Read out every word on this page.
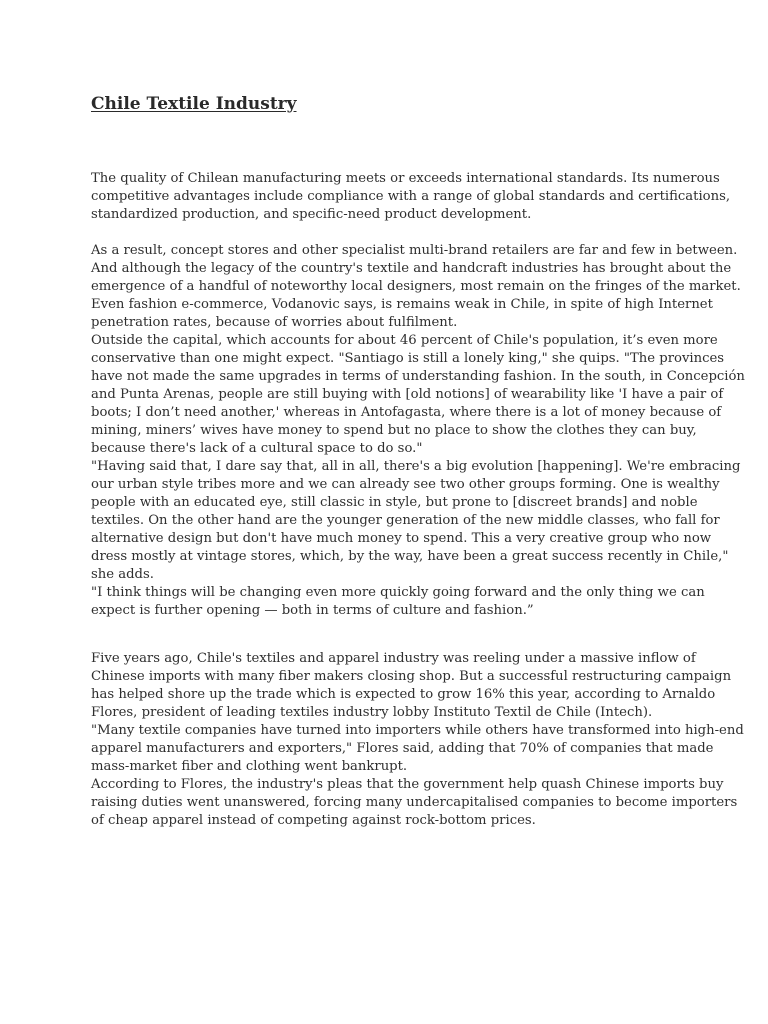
Chile Textile Industry

The quality of Chilean manufacturing meets or exceeds international standards. Its numerous
competitive advantages include compliance with a range of global standards and certifications,
standardized production, and specific-need product development.

As a result, concept stores and other specialist multi-brand retailers are far and few in between.
And although the legacy of the country's textile and handcraft industries has brought about the
emergence of a handful of noteworthy local designers, most remain on the fringes of the market.
Even fashion e-commerce, Vodanovic says, is remains weak in Chile, in spite of high Internet
penetration rates, because of worries about fulfilment.
Outside the capital, which accounts for about 46 percent of Chile's population, it’s even more
conservative than one might expect. "Santiago is still a lonely king," she quips. "The provinces
have not made the same upgrades in terms of understanding fashion. In the south, in Concepción
and Punta Arenas, people are still buying with [old notions] of wearability like 'I have a pair of
boots; I don’t need another,' whereas in Antofagasta, where there is a lot of money because of
mining, miners’ wives have money to spend but no place to show the clothes they can buy,
because there's lack of a cultural space to do so."
"Having said that, I dare say that, all in all, there's a big evolution [happening]. We're embracing
our urban style tribes more and we can already see two other groups forming. One is wealthy
people with an educated eye, still classic in style, but prone to [discreet brands] and noble
textiles. On the other hand are the younger generation of the new middle classes, who fall for
alternative design but don't have much money to spend. This a very creative group who now
dress mostly at vintage stores, which, by the way, have been a great success recently in Chile,"
she adds.
"I think things will be changing even more quickly going forward and the only thing we can
expect is further opening — both in terms of culture and fashion.”

Five years ago, Chile's textiles and apparel industry was reeling under a massive inflow of
Chinese imports with many fiber makers closing shop. But a successful restructuring campaign
has helped shore up the trade which is expected to grow 16% this year, according to Arnaldo
Flores, president of leading textiles industry lobby Instituto Textil de Chile (Intech).
"Many textile companies have turned into importers while others have transformed into high-end
apparel manufacturers and exporters," Flores said, adding that 70% of companies that made
mass-market fiber and clothing went bankrupt.
According to Flores, the industry's pleas that the government help quash Chinese imports buy
raising duties went unanswered, forcing many undercapitalised companies to become importers
of cheap apparel instead of competing against rock-bottom prices.
